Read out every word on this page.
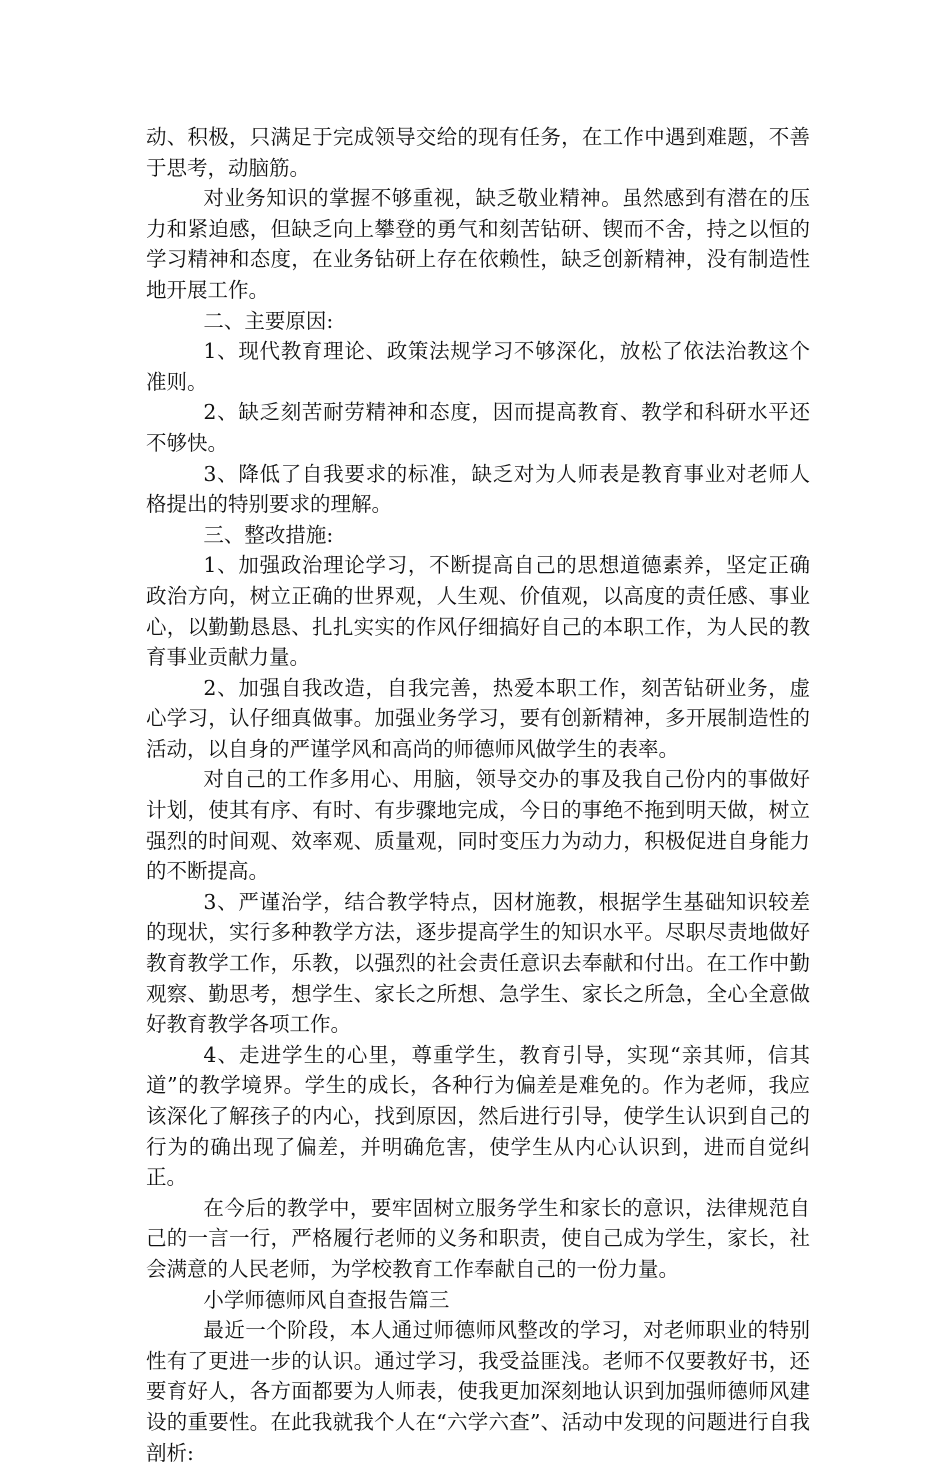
动、积极，只满足于完成领导交给的现有任务，在工作中遇到难题，不善于思考，动脑筋。

对业务知识的掌握不够重视，缺乏敬业精神。虽然感到有潜在的压力和紧迫感，但缺乏向上攀登的勇气和刻苦钻研、锲而不舍，持之以恒的学习精神和态度，在业务钻研上存在依赖性，缺乏创新精神，没有制造性地开展工作。

二、主要原因:

1、现代教育理论、政策法规学习不够深化，放松了依法治教这个准则。

2、缺乏刻苦耐劳精神和态度，因而提高教育、教学和科研水平还不够快。

3、降低了自我要求的标准，缺乏对为人师表是教育事业对老师人格提出的特别要求的理解。

三、整改措施:

1、加强政治理论学习，不断提高自己的思想道德素养，坚定正确政治方向，树立正确的世界观，人生观、价值观，以高度的责任感、事业心，以勤勤恳恳、扎扎实实的作风仔细搞好自己的本职工作，为人民的教育事业贡献力量。

2、加强自我改造，自我完善，热爱本职工作，刻苦钻研业务，虚心学习，认仔细真做事。加强业务学习，要有创新精神，多开展制造性的活动，以自身的严谨学风和高尚的师德师风做学生的表率。

对自己的工作多用心、用脑，领导交办的事及我自己份内的事做好计划，使其有序、有时、有步骤地完成，今日的事绝不拖到明天做，树立强烈的时间观、效率观、质量观，同时变压力为动力，积极促进自身能力的不断提高。

3、严谨治学，结合教学特点，因材施教，根据学生基础知识较差的现状，实行多种教学方法，逐步提高学生的知识水平。尽职尽责地做好教育教学工作，乐教，以强烈的社会责任意识去奉献和付出。在工作中勤观察、勤思考，想学生、家长之所想、急学生、家长之所急，全心全意做好教育教学各项工作。

4、走进学生的心里，尊重学生，教育引导，实现“亲其师，信其道”的教学境界。学生的成长，各种行为偏差是难免的。作为老师，我应该深化了解孩子的内心，找到原因，然后进行引导，使学生认识到自己的行为的确出现了偏差，并明确危害，使学生从内心认识到，进而自觉纠正。

在今后的教学中，要牢固树立服务学生和家长的意识，法律规范自己的一言一行，严格履行老师的义务和职责，使自己成为学生，家长，社会满意的人民老师，为学校教育工作奉献自己的一份力量。

小学师德师风自查报告篇三

最近一个阶段，本人通过师德师风整改的学习，对老师职业的特别性有了更进一步的认识。通过学习，我受益匪浅。老师不仅要教好书，还要育好人，各方面都要为人师表，使我更加深刻地认识到加强师德师风建设的重要性。在此我就我个人在“六学六查”、活动中发现的问题进行自我剖析:
